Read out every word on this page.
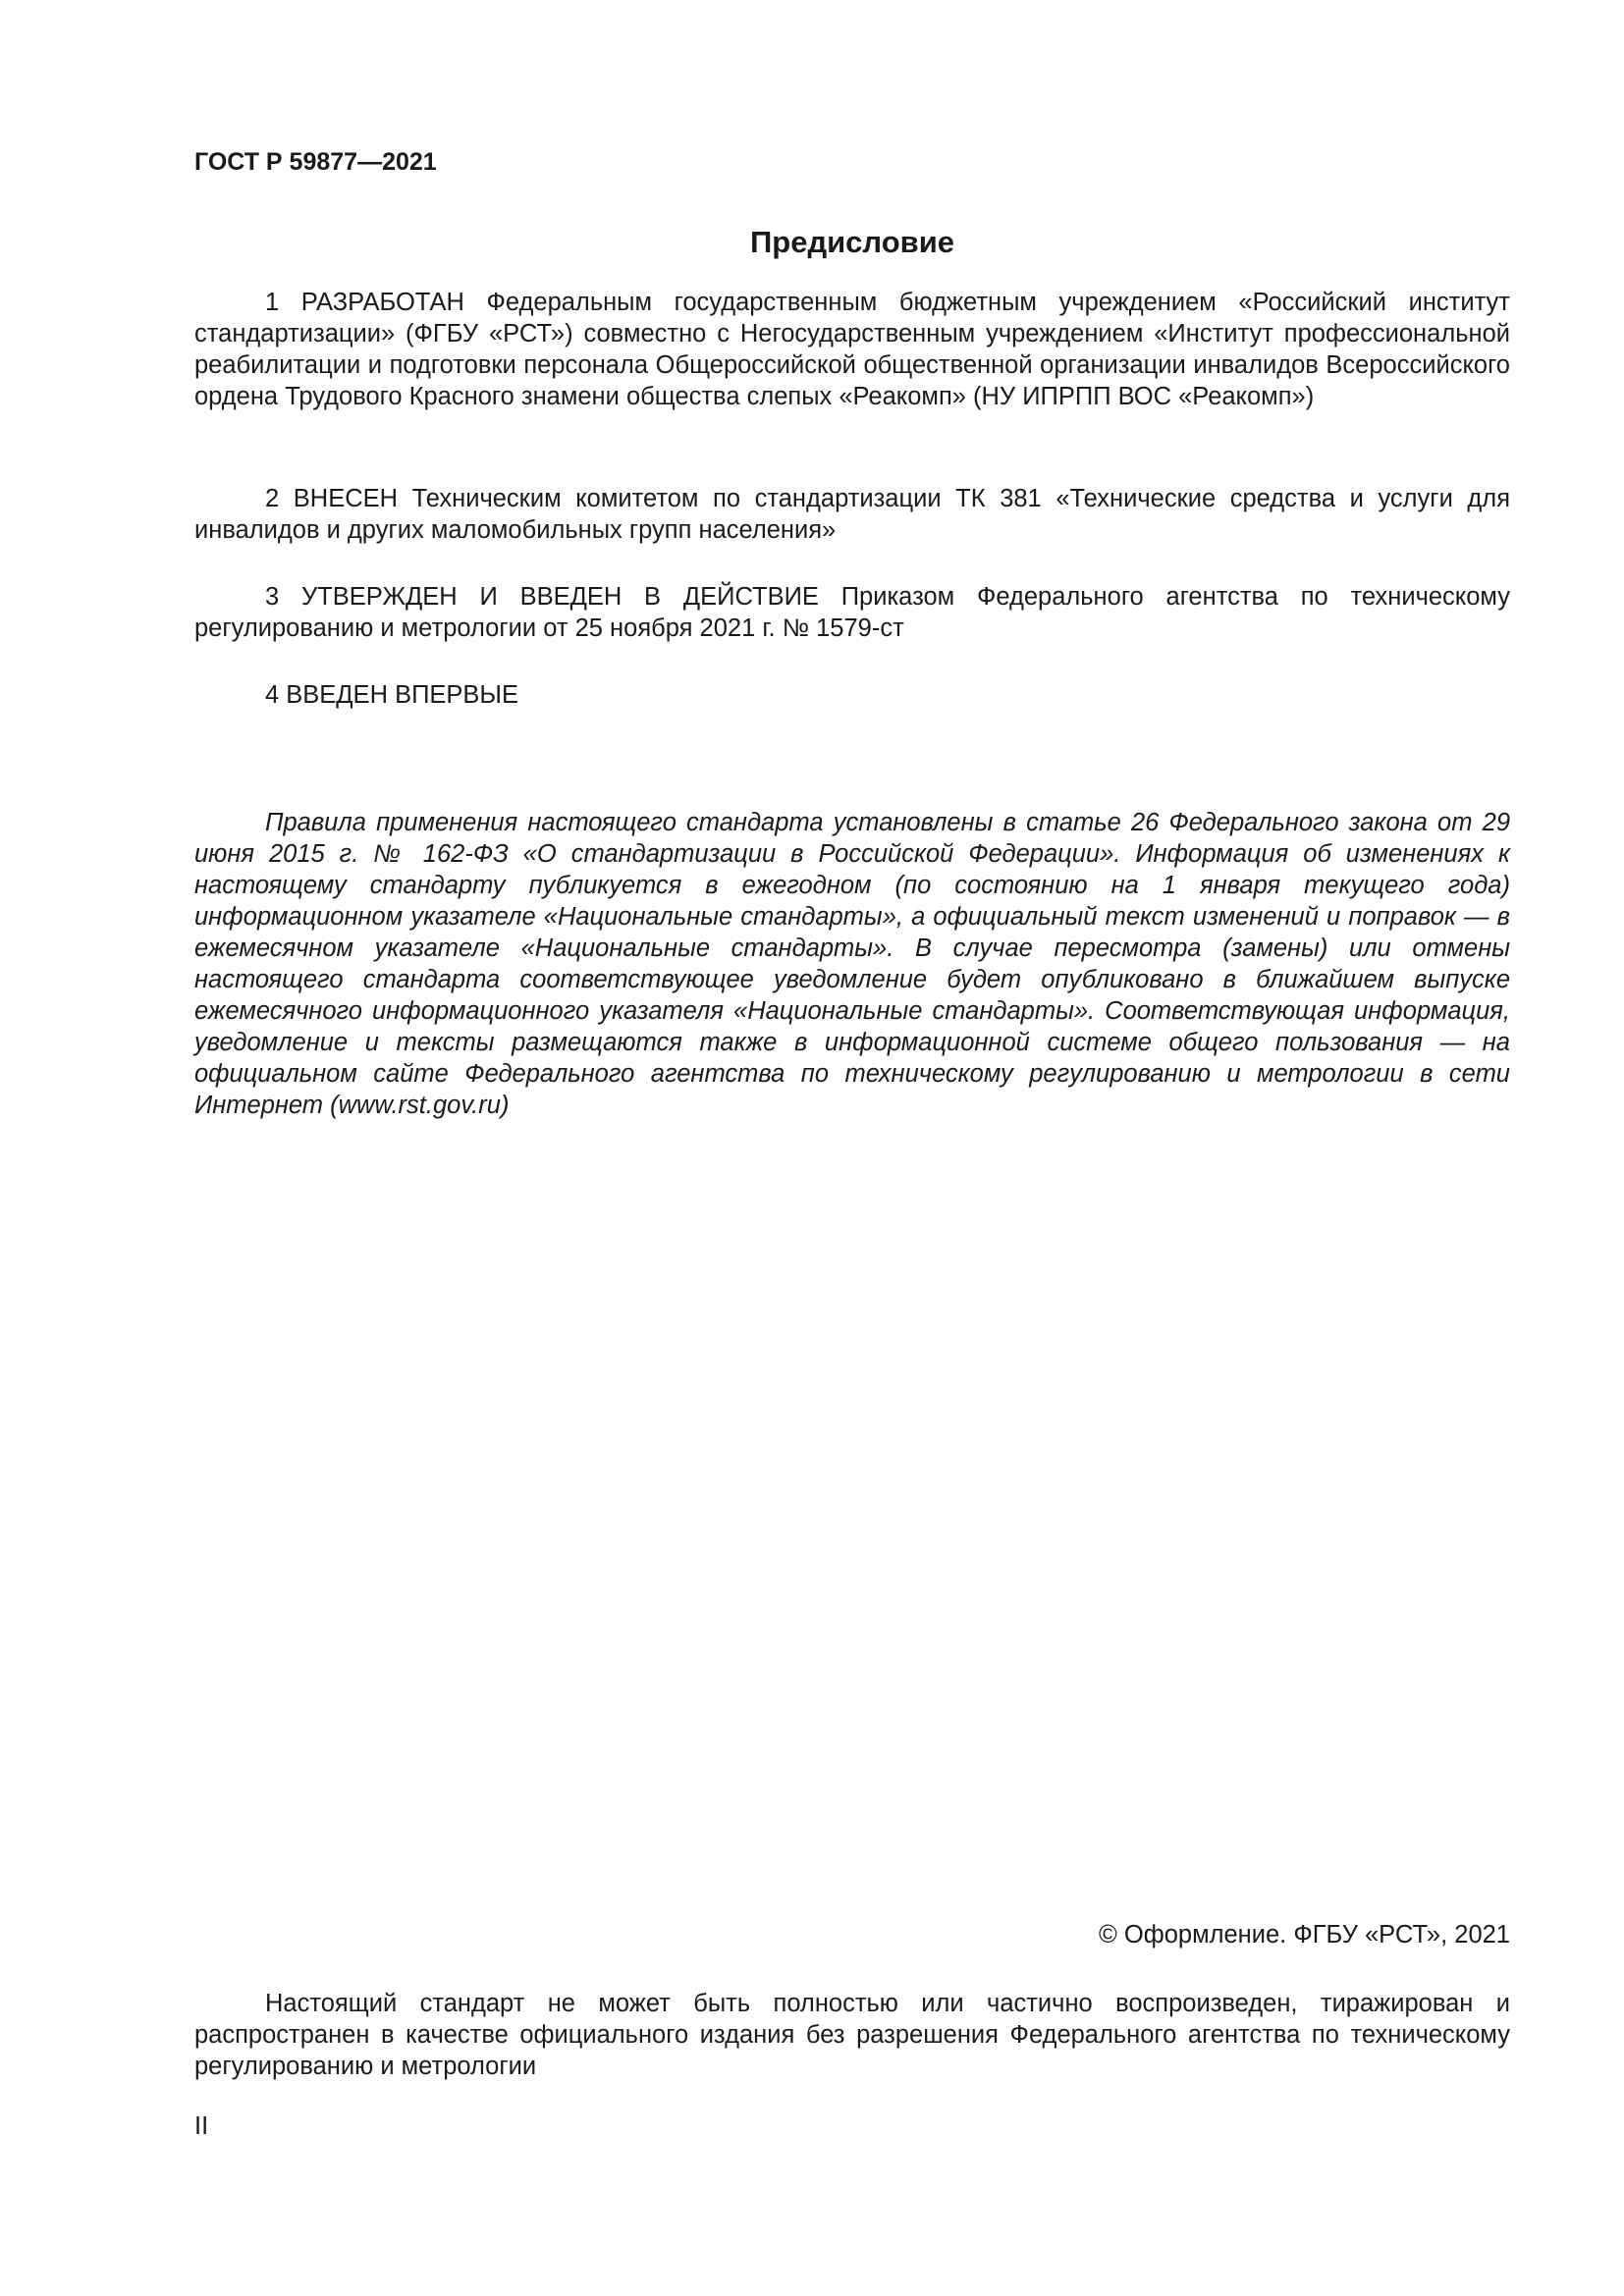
ГОСТ Р 59877—2021

Предисловие

1 РАЗРАБОТАН Федеральным государственным бюджетным учреждением «Российский институт стандартизации» (ФГБУ «РСТ») совместно с Негосударственным учреждением «Институт профессиональной реабилитации и подготовки персонала Общероссийской общественной организации инвалидов Всероссийского ордена Трудового Красного знамени общества слепых «Реакомп» (НУ ИПРПП ВОС «Реакомп»)

2 ВНЕСЕН Техническим комитетом по стандартизации ТК 381 «Технические средства и услуги для инвалидов и других маломобильных групп населения»

3 УТВЕРЖДЕН И ВВЕДЕН В ДЕЙСТВИЕ Приказом Федерального агентства по техническому регулированию и метрологии от 25 ноября 2021 г. № 1579-ст

4 ВВЕДЕН ВПЕРВЫЕ

Правила применения настоящего стандарта установлены в статье 26 Федерального закона от 29 июня 2015 г. № 162-ФЗ «О стандартизации в Российской Федерации». Информация об изменениях к настоящему стандарту публикуется в ежегодном (по состоянию на 1 января текущего года) информационном указателе «Национальные стандарты», а официальный текст изменений и поправок — в ежемесячном указателе «Национальные стандарты». В случае пересмотра (замены) или отмены настоящего стандарта соответствующее уведомление будет опубликовано в ближайшем выпуске ежемесячного информационного указателя «Национальные стандарты». Соответствующая информация, уведомление и тексты размещаются также в информационной системе общего пользования — на официальном сайте Федерального агентства по техническому регулированию и метрологии в сети Интернет (www.rst.gov.ru)

© Оформление. ФГБУ «РСТ», 2021

Настоящий стандарт не может быть полностью или частично воспроизведен, тиражирован и распространен в качестве официального издания без разрешения Федерального агентства по техническому регулированию и метрологии

II
